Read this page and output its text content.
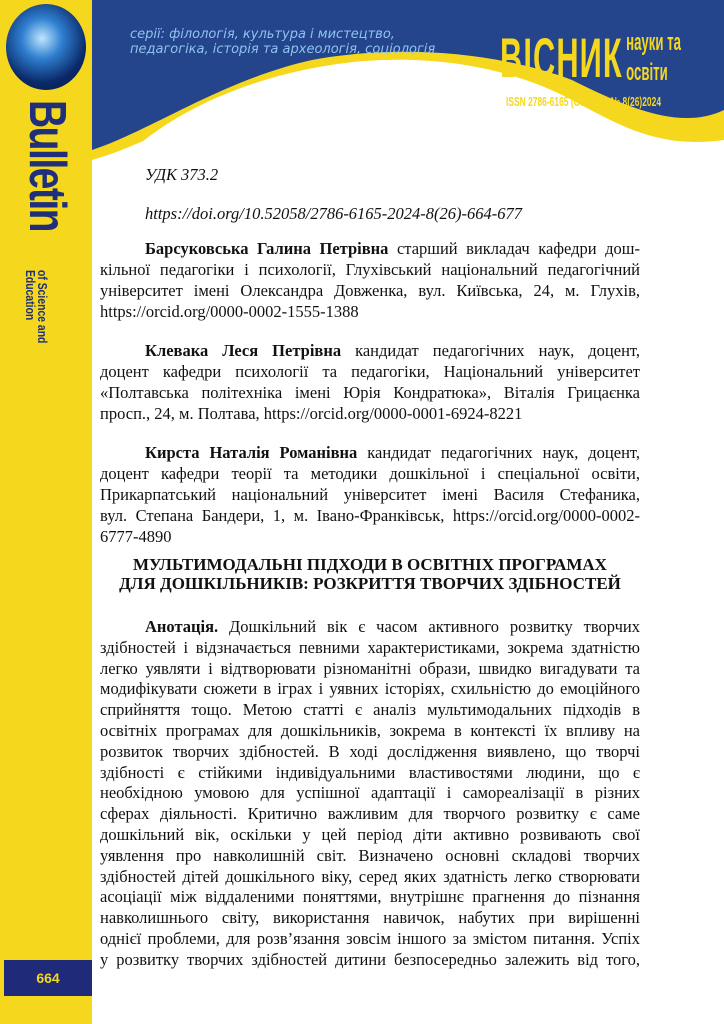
Bulletin
of Science and
Education
664
серії: філологія, культура і мистецтво,
педагогіка, історія та археологія, соціологія ВІСНИК науки та
освіти
ISSN 2786-6165 (ONLINE) № 8(26)2024
УДК 373.2
https://doi.org/10.52058/2786-6165-2024-8(26)-664-677
Барсуковська Галина Петрівна старший викладач кафедри дош-
кільної педагогіки і психології, Глухівський національний педагогічний
університет імені Олександра Довженка, вул. Київська, 24, м. Глухів,
https://orcid.org/0000-0002-1555-1388
Клевака Леся Петрівна кандидат педагогічних наук, доцент,
доцент кафедри психології та педагогіки, Національний університет
«Полтавська політехніка імені Юрія Кондратюка», Віталія Грицаєнка
просп., 24, м. Полтава, https://orcid.org/0000-0001-6924-8221
Кирста Наталія Романівна кандидат педагогічних наук, доцент,
доцент кафедри теорії та методики дошкільної і спеціальної освіти,
Прикарпатський національний університет імені Василя Стефаника,
вул. Степана Бандери, 1, м. Івано-Франківськ, https://orcid.org/0000-0002-
6777-4890
МУЛЬТИМОДАЛЬНІ ПІДХОДИ В ОСВІТНІХ ПРОГРАМАХ
ДЛЯ ДОШКІЛЬНИКІВ: РОЗКРИТТЯ ТВОРЧИХ ЗДІБНОСТЕЙ
Анотація. Дошкільний вік є часом активного розвитку творчих
здібностей і відзначається певними характеристиками, зокрема здатністю
легко уявляти і відтворювати різноманітні образи, швидко вигадувати та
модифікувати сюжети в іграх і уявних історіях, схильністю до емоційного
сприйняття тощо. Метою статті є аналіз мультимодальних підходів в
освітніх програмах для дошкільників, зокрема в контексті їх впливу на
розвиток творчих здібностей. В ході дослідження виявлено, що творчі
здібності є стійкими індивідуальними властивостями людини, що є
необхідною умовою для успішної адаптації і самореалізації в різних
сферах діяльності. Критично важливим для творчого розвитку є саме
дошкільний вік, оскільки у цей період діти активно розвивають свої
уявлення про навколишній світ. Визначено основні складові творчих
здібностей дітей дошкільного віку, серед яких здатність легко створювати
асоціації між віддаленими поняттями, внутрішнє прагнення до пізнання
навколишнього світу, використання навичок, набутих при вирішенні
однієї проблеми, для розв’язання зовсім іншого за змістом питання. Успіх
у розвитку творчих здібностей дитини безпосередньо залежить від того,
